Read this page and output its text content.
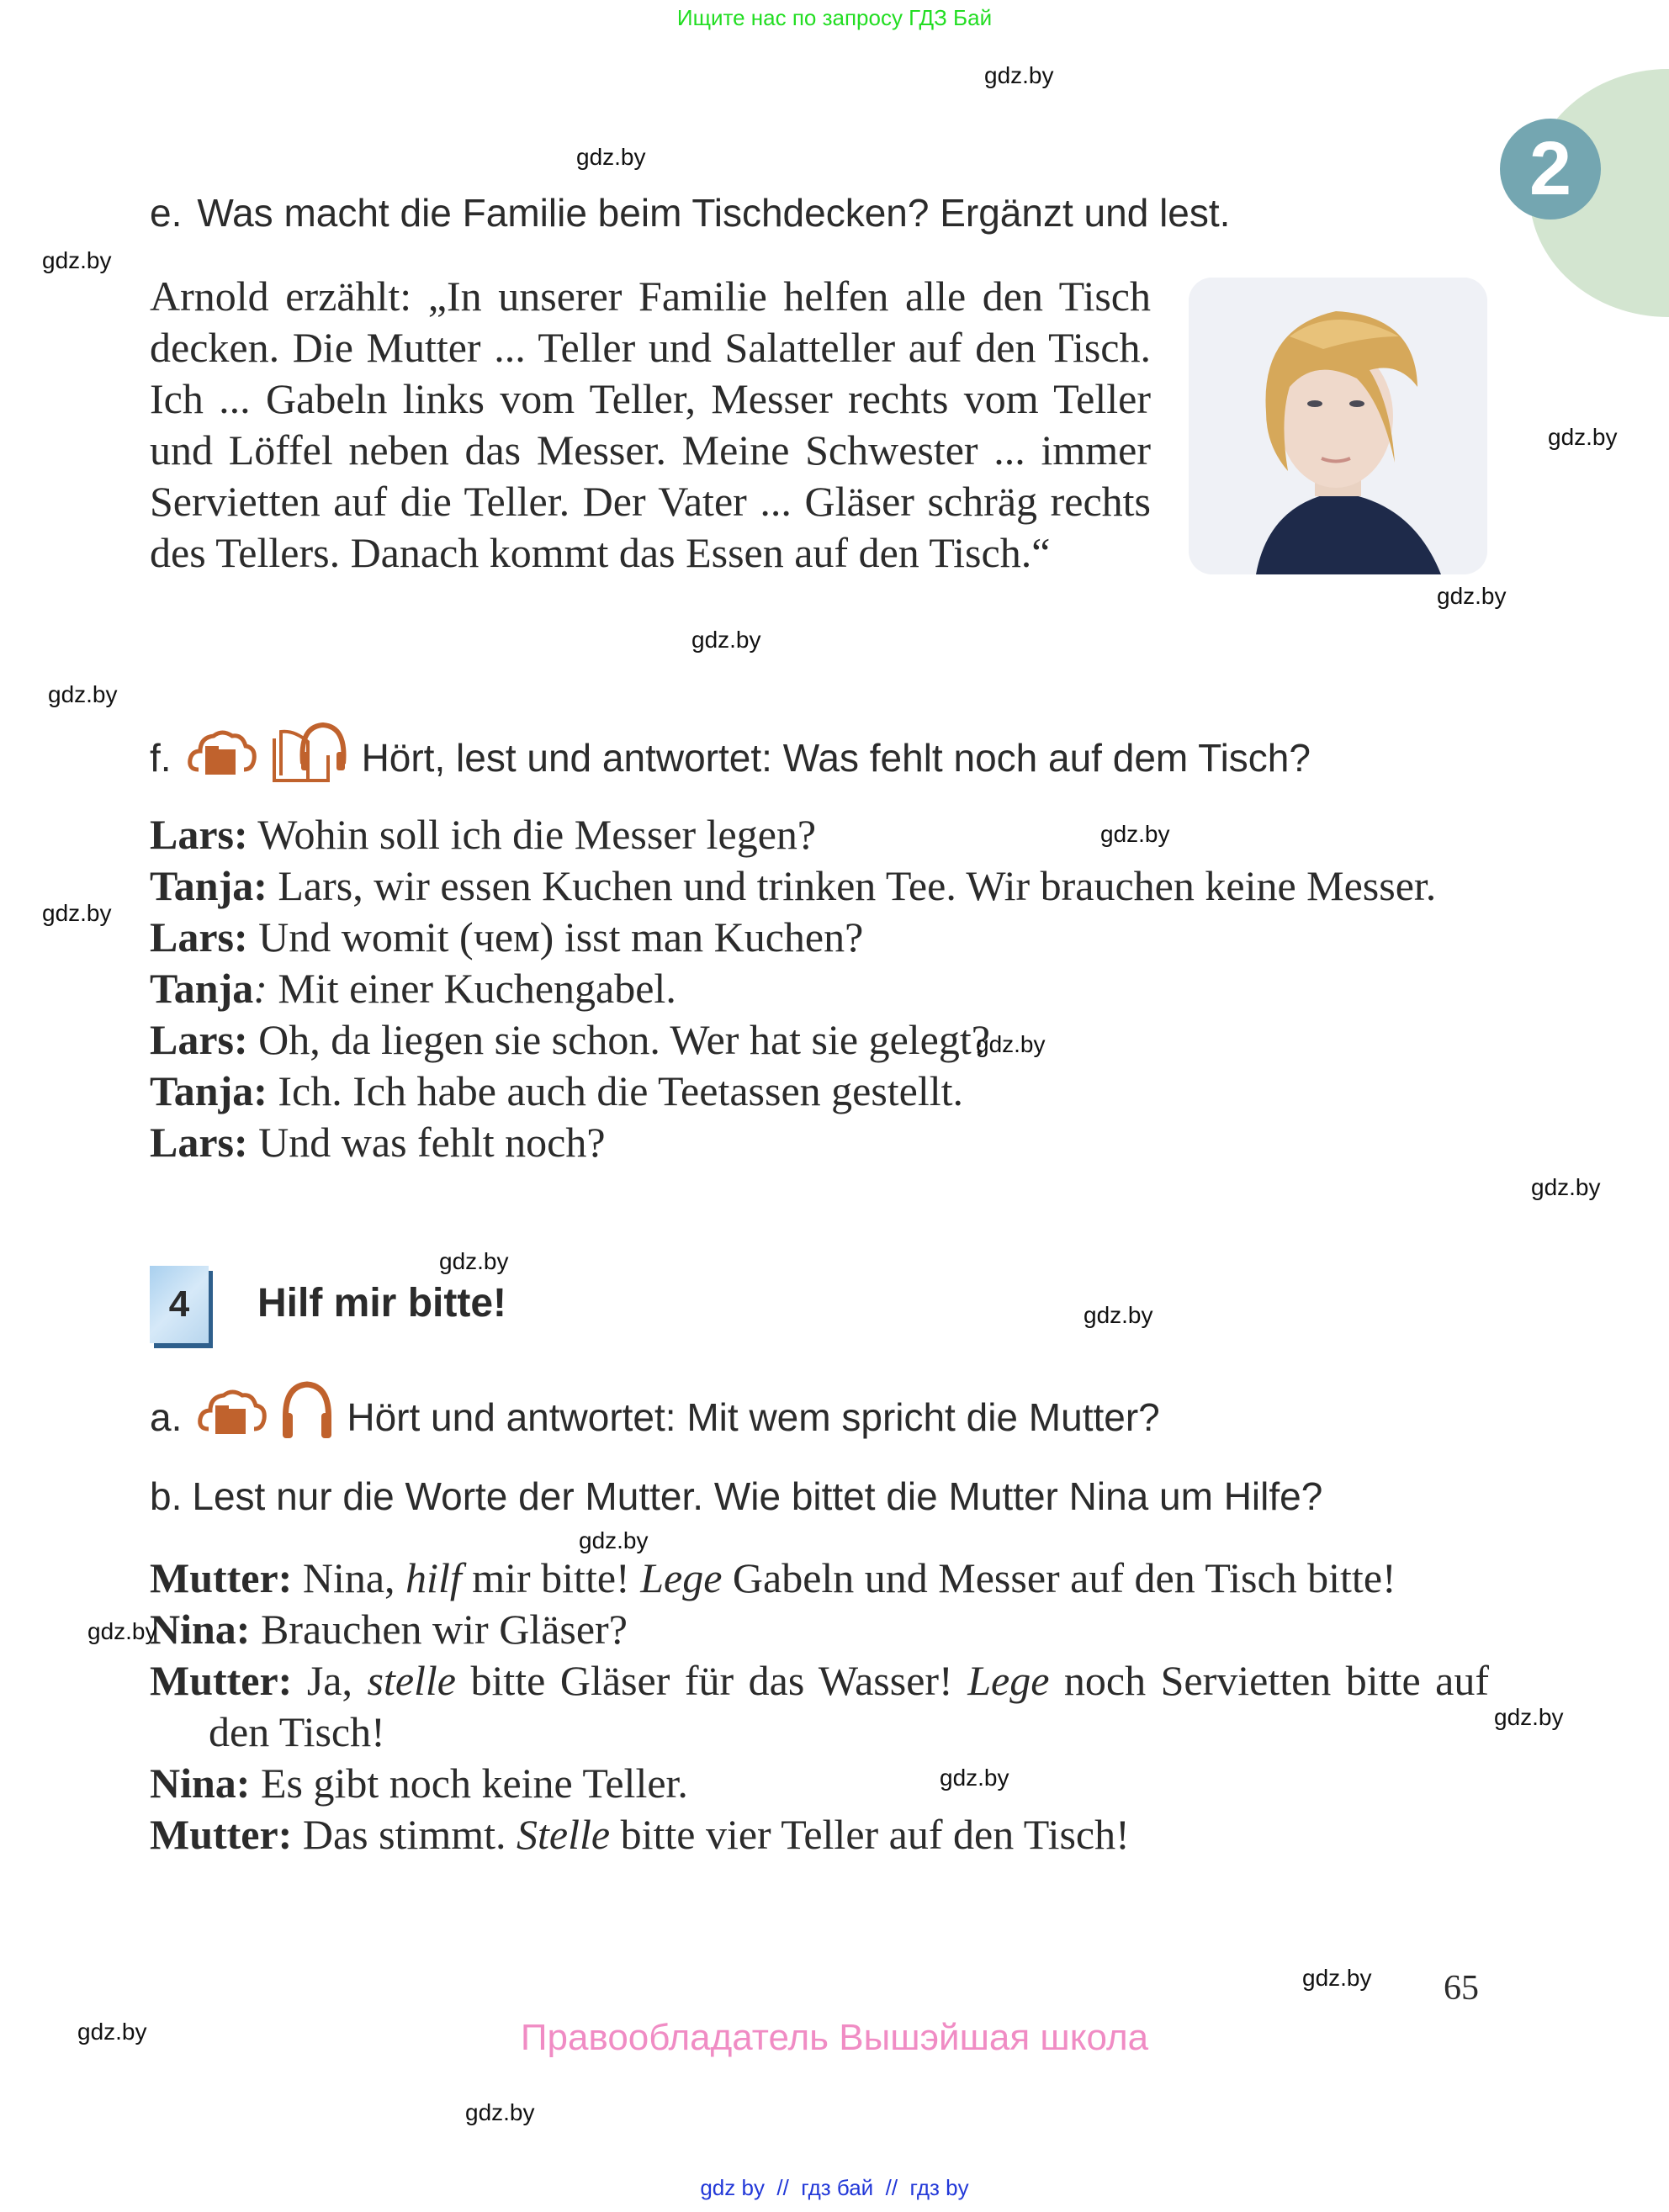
Ищите нас по запросу ГДЗ Бай
2
e. Was macht die Familie beim Tischdecken? Ergänzt und lest.
Arnold erzählt: „In unserer Familie helfen alle den Tisch decken. Die Mutter ... Teller und Salatteller auf den Tisch. Ich ... Gabeln links vom Teller, Messer rechts vom Teller und Löffel neben das Messer. Meine Schwester ... immer Servietten auf die Teller. Der Vater ... Gläser schräg rechts des Tellers. Danach kommt das Essen auf den Tisch.“
f.	Hört, lest und antwortet: Was fehlt noch auf dem Tisch?
Lars: Wohin soll ich die Messer legen?
Tanja: Lars, wir essen Kuchen und trinken Tee. Wir brauchen keine Messer.
Lars: Und womit (чем) isst man Kuchen?
Tanja: Mit einer Kuchengabel.
Lars: Oh, da liegen sie schon. Wer hat sie gelegt?
Tanja: Ich. Ich habe auch die Teetassen gestellt.
Lars: Und was fehlt noch?
4	Hilf mir bitte!
a.	Hört und antwortet: Mit wem spricht die Mutter?
b. Lest nur die Worte der Mutter. Wie bittet die Mutter Nina um Hilfe?
Mutter: Nina, hilf mir bitte! Lege Gabeln und Messer auf den Tisch bitte!
Nina: Brauchen wir Gläser?
Mutter: Ja, stelle bitte Gläser für das Wasser! Lege noch Servietten bitte auf den Tisch!
Nina: Es gibt noch keine Teller.
Mutter: Das stimmt. Stelle bitte vier Teller auf den Tisch!
65
Правообладатель Вышэйшая школа
gdz by  //  гдз бай  //  гдз by
gdz.by
gdz.by
gdz.by
gdz.by
gdz.by
gdz.by
gdz.by
gdz.by
gdz.by
gdz.by
gdz.by
gdz.by
gdz.by
gdz.by
gdz.by
gdz.by
gdz.by
gdz.by
gdz.by
gdz.by
